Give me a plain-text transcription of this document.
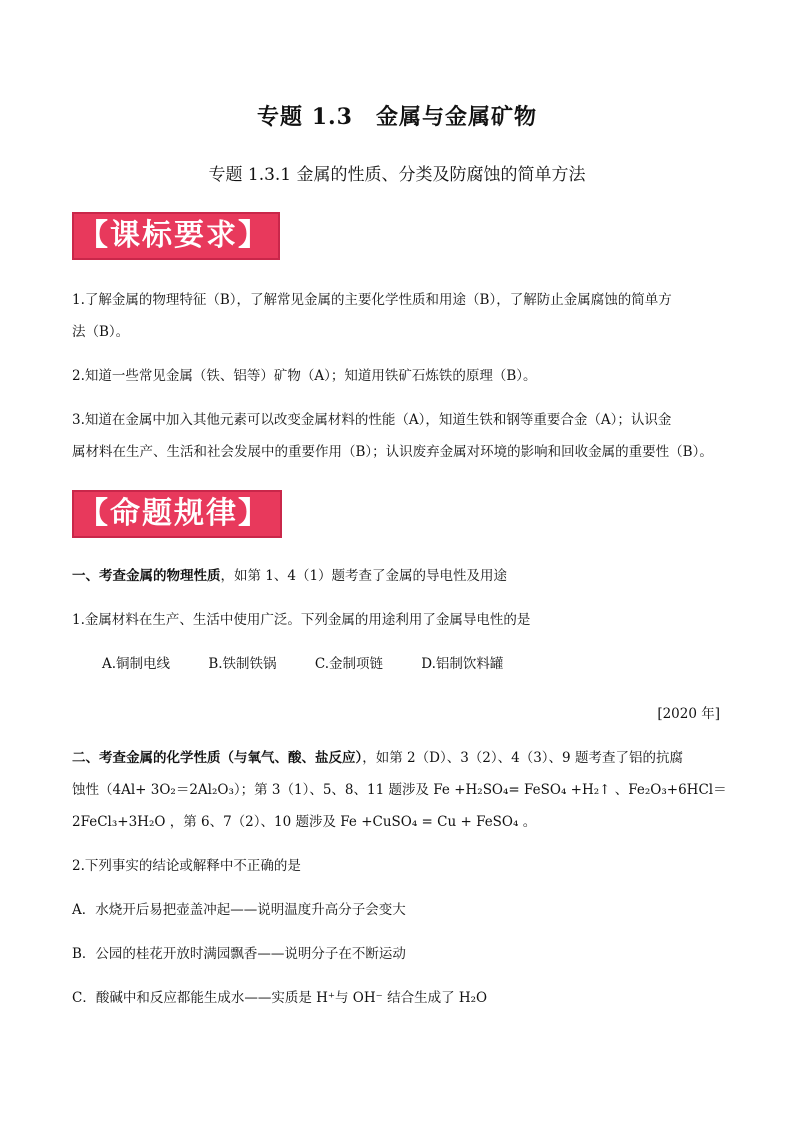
专题 1.3　金属与金属矿物
专题 1.3.1 金属的性质、分类及防腐蚀的简单方法
【课标要求】
1.了解金属的物理特征（B），了解常见金属的主要化学性质和用途（B），了解防止金属腐蚀的简单方
法（B）。
2.知道一些常见金属（铁、铝等）矿物（A）；知道用铁矿石炼铁的原理（B）。
3.知道在金属中加入其他元素可以改变金属材料的性能（A），知道生铁和钢等重要合金（A）；认识金
属材料在生产、生活和社会发展中的重要作用（B）；认识废弃金属对环境的影响和回收金属的重要性（B）。
【命题规律】
一、考查金属的物理性质，如第 1、4（1）题考查了金属的导电性及用途
1.金属材料在生产、生活中使用广泛。下列金属的用途利用了金属导电性的是
A.铜制电线	B.铁制铁锅	C.金制项链	D.铝制饮料罐
[2020 年]
二、考查金属的化学性质（与氧气、酸、盐反应），如第 2（D）、3（2）、4（3）、9 题考查了铝的抗腐
蚀性（4Al+ 3O₂＝2Al₂O₃）；第 3（1）、5、8、11 题涉及 Fe +H₂SO₄= FeSO₄ +H₂↑ 、Fe₂O₃+6HCl＝
2FeCl₃+3H₂O ，第 6、7（2）、10 题涉及 Fe +CuSO₄ = Cu + FeSO₄ 。
2.下列事实的结论或解释中不正确的是
A．水烧开后易把壶盖冲起——说明温度升高分子会变大
B．公园的桂花开放时满园飘香——说明分子在不断运动
C．酸碱中和反应都能生成水——实质是 H⁺与 OH⁻ 结合生成了 H₂O
